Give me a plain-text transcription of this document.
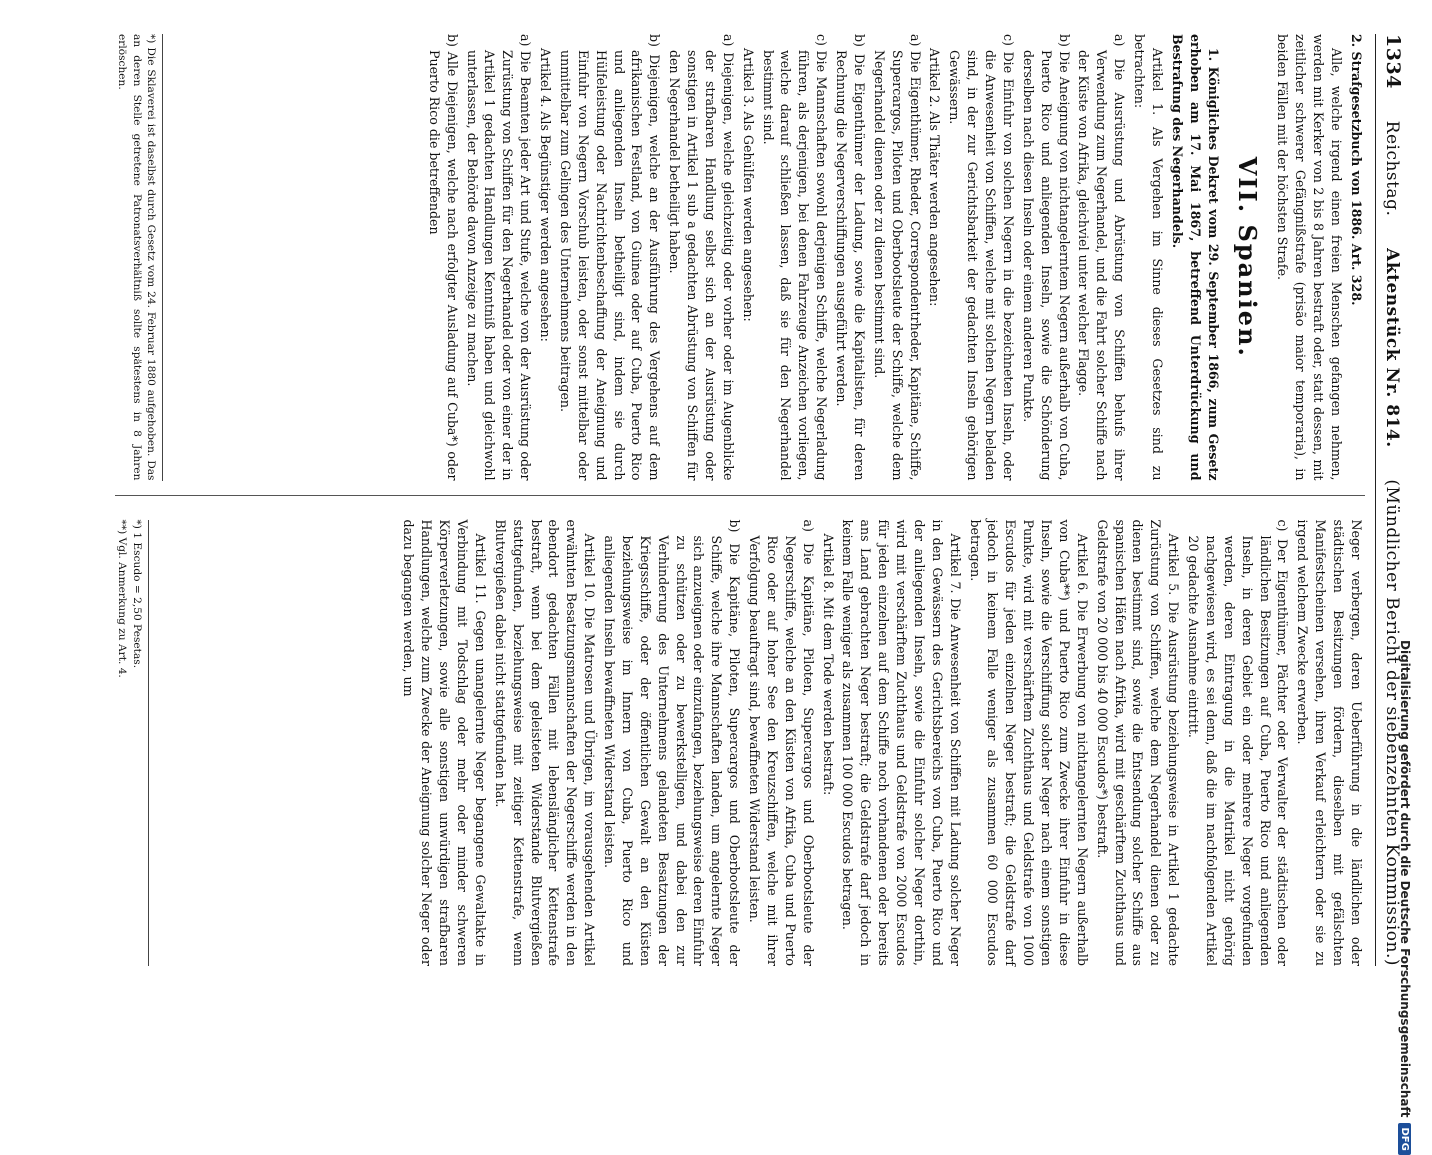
1334
Reichstag.
Aktenstück Nr. 814.
(Mündlicher Bericht der siebenzehnten Kommission.)

2. Strafgesetzbuch von 1886. Art. 328.

Alle, welche irgend einen freien Menschen gefangen nehmen, werden mit Kerker von 2 bis 8 Jahren bestraft oder, statt dessen, mit zeitlicher schwerer Gefängnißstrafe (prisão maior temporaria), in beiden Fällen mit der höchsten Strafe.

VII. Spanien.

1. Königliches Dekret vom 29. September 1866, zum Gesetz erhoben am 17. Mai 1867, betreffend Unterdrückung und Bestrafung des Negerhandels.

Artikel 1. Als Vergehen im Sinne dieses Gesetzes sind zu betrachten:

a) Die Ausrüstung und Abrüstung von Schiffen behufs ihrer Verwendung zum Negerhandel, und die Fahrt solcher Schiffe nach der Küste von Afrika, gleichviel unter welcher Flagge.

b) Die Aneignung von nichtangelerntem Negern außerhalb von Cuba, Puerto Rico und anliegenden Inseln, sowie die Schönderung derselben nach diesen Inseln oder einem anderen Punkte.

c) Die Einfuhr von solchen Negern in die bezeichneten Inseln, oder die Anwesenheit von Schiffen, welche mit solchen Negern beladen sind, in der zur Gerichtsbarkeit der gedachten Inseln gehörigen Gewässern.

Artikel 2. Als Thäter werden angesehen:

a) Die Eigenthümer, Rheder, Correspondentrheder, Kapitäne, Schiffe, Supercargos, Piloten und Oberbootsleute der Schiffe, welche dem Negerhandel dienen oder zu dienen bestimmt sind.

b) Die Eigenthümer der Ladung, sowie die Kapitalisten, für deren Rechnung die Negerverschiffungen ausgeführt werden.

c) Die Mannschaften sowohl derjenigen Schiffe, welche Negerladung führen, als derjenigen, bei denen Fahrzeuge Anzeichen vorliegen, welche darauf schließen lassen, daß sie für den Negerhandel bestimmt sind.

Artikel 3. Als Gehülfen werden angesehen:

a) Diejenigen, welche gleichzeitig oder vorher oder im Augenblicke der strafbaren Handlung selbst sich an der Ausrüstung oder sonstigen in Artikel 1 sub a gedachten Abrüstung von Schiffen für den Negerhandel betheiligt haben.

b) Diejenigen, welche an der Ausführung des Vergehens auf dem afrikanischen Festland, von Guinea oder auf Cuba, Puerto Rico und anliegenden Inseln betheiligt sind, indem sie durch Hülfeleistung oder Nachrichtenbeschaffung der Aneignung und Einfuhr von Negern Vorschub leisten, oder sonst mittelbar oder unmittelbar zum Gelingen des Unternehmens beitragen.

Artikel 4. Als Begünstiger werden angesehen:

a) Die Beamten jeder Art und Stufe, welche von der Ausrüstung oder Zurüstung von Schiffen für den Negerhandel oder von einer der in Artikel 1 gedachten Handlungen Kenntniß haben und gleichwohl unterlassen, der Behörde davon Anzeige zu machen.

b) Alle Diejenigen, welche nach erfolgter Ausladung auf Cuba*) oder Puerto Rico die betreffenden

*) Die Sklaverei ist daselbst durch Gesetz vom 24. Februar 1880 aufgehoben. Das an deren Stelle getretene Patronatsverhältniß sollte spätestens in 8 Jahren erlöschen.

Neger verbergen, deren Ueberführung in die ländlichen oder städtischen Besitzungen fördern, dieselben mit gefälschten Manifestscheinen versehen, ihren Verkauf erleichtern oder sie zu irgend welchem Zwecke erwerben.

c) Der Eigenthümer, Pächter oder Verwalter der städtischen oder ländlichen Besitzungen auf Cuba, Puerto Rico und anliegenden Inseln, in deren Gebiet ein oder mehrere Neger vorgefunden werden, deren Eintragung in die Matrikel nicht gehörig nachgewiesen wird, es sei denn, daß die im nachfolgenden Artikel 20 gedachte Ausnahme eintritt.

Artikel 5. Die Ausrüstung beziehungsweise in Artikel 1 gedachte Zurüstung von Schiffen, welche dem Negerhandel dienen oder zu dienen bestimmt sind, sowie die Entsendung solcher Schiffe aus spanischen Häfen nach Afrika, wird mit geschärftem Zuchthaus und Geldstrafe von 20 000 bis 40 000 Escudos*) bestraft.

Artikel 6. Die Erwerbung von nichtangelernten Negern außerhalb von Cuba**) und Puerto Rico zum Zwecke ihrer Einfuhr in diese Inseln, sowie die Verschiffung solcher Neger nach einem sonstigen Punkte, wird mit verschärftem Zuchthaus und Geldstrafe von 1000 Escudos für jeden einzelnen Neger bestraft; die Geldstrafe darf jedoch in keinem Falle weniger als zusammen 60 000 Escudos betragen.

Artikel 7. Die Anwesenheit von Schiffen mit Ladung solcher Neger in den Gewässern des Gerichtsbereichs von Cuba, Puerto Rico und der anliegenden Inseln, sowie die Einfuhr solcher Neger dorthin, wird mit verschärftem Zuchthaus und Geldstrafe von 2000 Escudos für jeden einzelnen auf dem Schiffe noch vorhandenen oder bereits ans Land gebrachten Neger bestraft; die Geldstrafe darf jedoch in keinem Falle weniger als zusammen 100 000 Escudos betragen.

Artikel 8. Mit dem Tode werden bestraft:

a) Die Kapitäne, Piloten, Supercargos und Oberbootsleute der Negerschiffe, welche an den Küsten von Afrika, Cuba und Puerto Rico oder auf hoher See den Kreuzschiffen, welche mit ihrer Verfolgung beauftragt sind, bewaffneten Widerstand leisten.

b) Die Kapitäne, Piloten, Supercargos und Oberbootsleute der Schiffe, welche ihre Mannschaften landen, um angelernte Neger sich anzueignen oder einzufangen, beziehungsweise deren Einfuhr zu schützen oder zu bewerkstelligen, und dabei den zur Verhinderung des Unternehmens gelandeten Besatzungen der Kriegsschiffe, oder der öffentlichen Gewalt an den Küsten beziehungsweise im Innern von Cuba, Puerto Rico und anliegenden Inseln bewaffneten Widerstand leisten.

Artikel 10. Die Matrosen und Übrigen, im vorausgehenden Artikel erwähnten Besatzungsmannschaften der Negerschiffe werden in den ebendort gedachten Fällen mit lebenslänglicher Kettenstrafe bestraft, wenn bei dem geleisteten Widerstande Blutvergießen stattgefunden, beziehungsweise mit zeitiger Kettenstrafe, wenn Blutvergießen dabei nicht stattgefunden hat.

Artikel 11. Gegen unangelernte Neger begangene Gewaltakte in Verbindung mit Todschlag oder mehr oder minder schweren Körperverletzungen, sowie alle sonstigen unwürdigen strafbaren Handlungen, welche zum Zwecke der Aneignung solcher Neger oder dazu begangen werden, um

*) 1 Escudo = 2,50 Pesetas.

**) Vgl. Anmerkung zu Art. 4.

Digitalisierung gefördert durch die Deutsche Forschungsgemeinschaft
DFG
